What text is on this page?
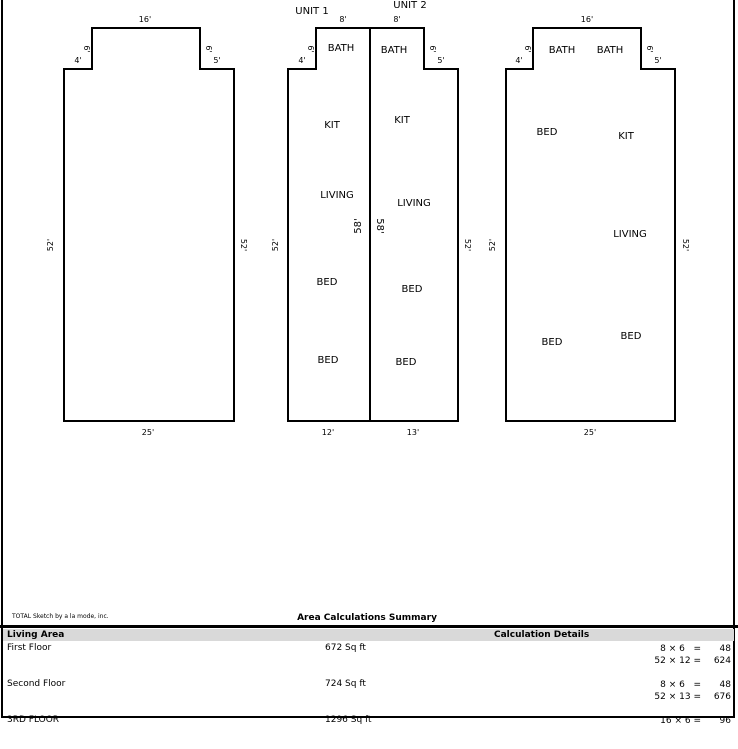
16'
6'
4'
6'
5'
52'	52'
25'
UNIT 1
UNIT 2
8'	8'
6'
4'
6'
5'
52'	52'
58' 58'
12'	13'
BATH
KIT
LIVING
BED
BED
BATH
KIT
LIVING
BED
BED
16'
6'
4'
6'
5'
52'	52'
25'
BATH BATH
BED	KIT
LIVING
BED
BED
TOTAL Sketch by a la mode, inc.	Area Calculations Summary
Living Area	Calculation Details
First Floor	672 Sq ft	8 × 6 = 48
52 × 12 = 624
Second Floor	724 Sq ft	8 × 6 = 48
52 × 13 = 676
3RD FLOOR	1296 Sq ft	16 × 6 = 96
